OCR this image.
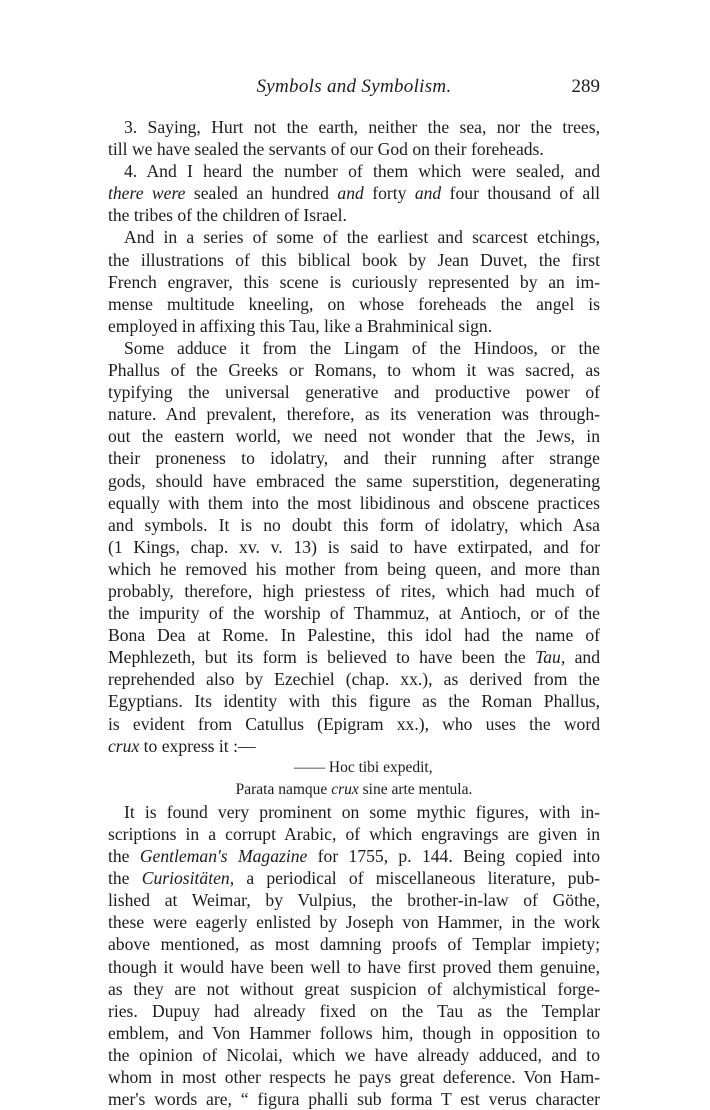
Symbols and Symbolism.	289
3. Saying, Hurt not the earth, neither the sea, nor the trees,
till we have sealed the servants of our God on their foreheads.
4. And I heard the number of them which were sealed, and
there were sealed an hundred and forty and four thousand of all
the tribes of the children of Israel.
And in a series of some of the earliest and scarcest etchings,
the illustrations of this biblical book by Jean Duvet, the first
French engraver, this scene is curiously represented by an im-
mense multitude kneeling, on whose foreheads the angel is
employed in affixing this Tau, like a Brahminical sign.
Some adduce it from the Lingam of the Hindoos, or the
Phallus of the Greeks or Romans, to whom it was sacred, as
typifying the universal generative and productive power of
nature. And prevalent, therefore, as its veneration was through-
out the eastern world, we need not wonder that the Jews, in
their proneness to idolatry, and their running after strange
gods, should have embraced the same superstition, degenerating
equally with them into the most libidinous and obscene practices
and symbols. It is no doubt this form of idolatry, which Asa
(1 Kings, chap. xv. v. 13) is said to have extirpated, and for
which he removed his mother from being queen, and more than
probably, therefore, high priestess of rites, which had much of
the impurity of the worship of Thammuz, at Antioch, or of the
Bona Dea at Rome. In Palestine, this idol had the name of
Mephlezeth, but its form is believed to have been the Tau, and
reprehended also by Ezechiel (chap. xx.), as derived from the
Egyptians. Its identity with this figure as the Roman Phallus,
is evident from Catullus (Epigram xx.), who uses the word
crux to express it :—
—— Hoc tibi expedit,
Parata namque crux sine arte mentula.
It is found very prominent on some mythic figures, with in-
scriptions in a corrupt Arabic, of which engravings are given in
the Gentleman's Magazine for 1755, p. 144. Being copied into
the Curiositäten, a periodical of miscellaneous literature, pub-
lished at Weimar, by Vulpius, the brother-in-law of Göthe,
these were eagerly enlisted by Joseph von Hammer, in the work
above mentioned, as most damning proofs of Templar impiety;
though it would have been well to have first proved them genuine,
as they are not without great suspicion of alchymistical forge-
ries. Dupuy had already fixed on the Tau as the Templar
emblem, and Von Hammer follows him, though in opposition to
the opinion of Nicolai, which we have already adduced, and to
whom in most other respects he pays great deference. Von Ham-
mer's words are, “ figura phalli sub forma T est verus character
